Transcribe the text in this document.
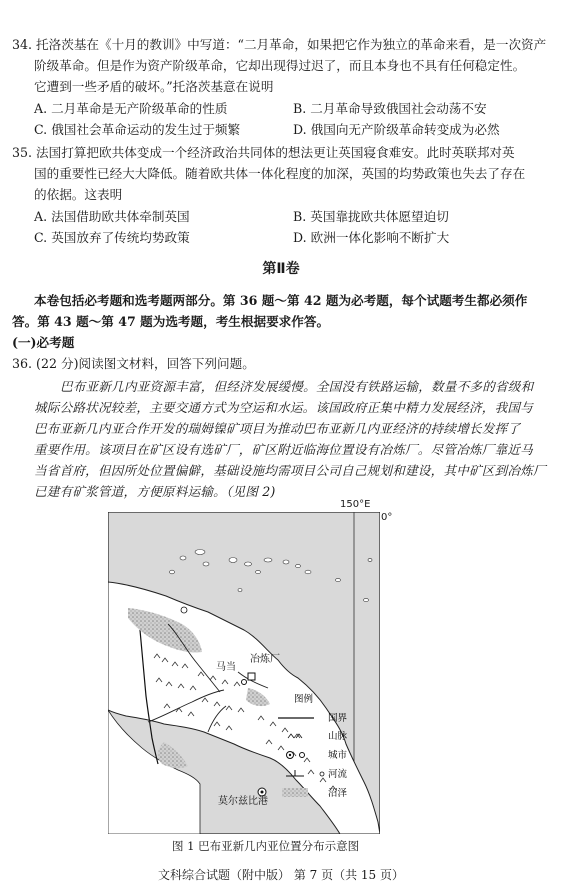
34. 托洛茨基在《十月的教训》中写道：“二月革命，如果把它作为独立的革命来看，是一次资产
阶级革命。但是作为资产阶级革命，它却出现得过迟了，而且本身也不具有任何稳定性。
它遭到一些矛盾的破坏。”托洛茨基意在说明
A. 二月革命是无产阶级革命的性质	B. 二月革命导致俄国社会动荡不安
C. 俄国社会革命运动的发生过于频繁	D. 俄国向无产阶级革命转变成为必然
35. 法国打算把欧共体变成一个经济政治共同体的想法更让英国寝食难安。此时英联邦对英
国的重要性已经大大降低。随着欧共体一体化程度的加深，英国的均势政策也失去了存在
的依据。这表明
A. 法国借助欧共体牵制英国	B. 英国靠拢欧共体愿望迫切
C. 英国放弃了传统均势政策	D. 欧洲一体化影响不断扩大
第Ⅱ卷
本卷包括必考题和选考题两部分。第 36 题～第 42 题为必考题，每个试题考生都必须作
答。第 43 题～第 47 题为选考题，考生根据要求作答。
(一)必考题
36. (22 分)阅读图文材料，回答下列问题。
巴布亚新几内亚资源丰富，但经济发展缓慢。全国没有铁路运输，数量不多的省级和
城际公路状况较差，主要交通方式为空运和水运。该国政府正集中精力发展经济，我国与
巴布亚新几内亚合作开发的瑞姆镍矿项目为推动巴布亚新几内亚经济的持续增长发挥了
重要作用。该项目在矿区设有选矿厂，矿区附近临海位置设有冶炼厂。尽管冶炼厂靠近马
当省首府，但因所处位置偏僻，基础设施均需项目公司自己规划和建设，其中矿区到冶炼厂
已建有矿浆管道，方便原料运输。（见图 2)
150°E
0°
冶炼厂
马当
莫尔兹比港
图例
国界
山脉
城市
河流
沼泽
图 1 巴布亚新几内亚位置分布示意图
文科综合试题（附中版） 第 7 页（共 15 页）
